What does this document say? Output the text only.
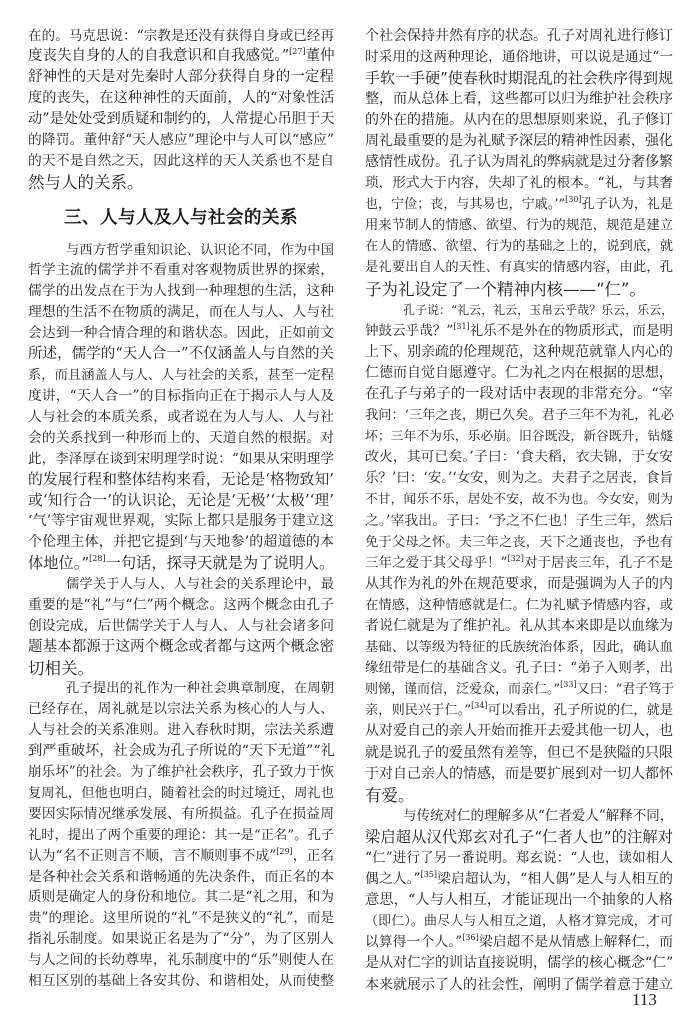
在的。马克思说：“宗教是还没有获得自身或已经再
度丧失自身的人的自我意识和自我感觉。”[27]董仲
舒神性的天是对先秦时人部分获得自身的一定程
度的丧失，在这种神性的天面前，人的“对象性活
动”是处处受到质疑和制约的，人常提心吊胆于天
的降罚。董仲舒“天人感应”理论中与人可以“感应”
的天不是自然之天，因此这样的天人关系也不是自
然与人的关系。
三、人与人及人与社会的关系
与西方哲学重知识论、认识论不同，作为中国
哲学主流的儒学并不看重对客观物质世界的探索，
儒学的出发点在于为人找到一种理想的生活，这种
理想的生活不在物质的满足，而在人与人、人与社
会达到一种合情合理的和谐状态。因此，正如前文
所述，儒学的“天人合一”不仅涵盖人与自然的关
系，而且涵盖人与人、人与社会的关系，甚至一定程
度讲，“天人合一”的目标指向正在于揭示人与人及
人与社会的本质关系，或者说在为人与人、人与社
会的关系找到一种形而上的、天道自然的根据。对
此，李泽厚在谈到宋明理学时说：“如果从宋明理学
的发展行程和整体结构来看，无论是‘格物致知’
或‘知行合一’的认识论，无论是‘无极’‘太极’‘理’
‘气’等宇宙观世界观，实际上都只是服务于建立这
个伦理主体，并把它提到‘与天地参’的超道德的本
体地位。”[28]一句话，探寻天就是为了说明人。
儒学关于人与人、人与社会的关系理论中，最
重要的是“礼”与“仁”两个概念。这两个概念由孔子
创设完成，后世儒学关于人与人、人与社会诸多问
题基本都源于这两个概念或者都与这两个概念密
切相关。
孔子提出的礼作为一种社会典章制度，在周朝
已经存在，周礼就是以宗法关系为核心的人与人、
人与社会的关系准则。进入春秋时期，宗法关系遭
到严重破坏，社会成为孔子所说的“天下无道”“礼
崩乐坏”的社会。为了维护社会秩序，孔子致力于恢
复周礼，但他也明白，随着社会的时过境迁，周礼也
要因实际情况继承发展、有所损益。孔子在损益周
礼时，提出了两个重要的理论：其一是“正名”。孔子
认为“名不正则言不顺，言不顺则事不成”[29]，正名
是各种社会关系和谐畅通的先决条件，而正名的本
质则是确定人的身份和地位。其二是“礼之用，和为
贵”的理论。这里所说的“礼”不是狭义的“礼”，而是
指礼乐制度。如果说正名是为了“分”，为了区别人
与人之间的长幼尊卑，礼乐制度中的“乐”则使人在
相互区别的基础上各安其份、和谐相处，从而使整
个社会保持井然有序的状态。孔子对周礼进行修订
时采用的这两种理论，通俗地讲，可以说是通过“一
手软一手硬”使春秋时期混乱的社会秩序得到规
整，而从总体上看，这些都可以归为维护社会秩序
的外在的措施。从内在的思想原则来说，孔子修订
周礼最重要的是为礼赋予深层的精神性因素，强化
感情性成份。孔子认为周礼的弊病就是过分奢侈繁
琐，形式大于内容，失却了礼的根本。“礼，与其奢
也，宁俭；丧，与其易也，宁戚。’”[30]孔子认为，礼是
用来节制人的情感、欲望、行为的规范，规范是建立
在人的情感、欲望、行为的基础之上的，说到底，就
是礼要出自人的天性、有真实的情感内容，由此，孔
子为礼设定了一个精神内核——“仁”。
孔子说：“礼云，礼云，玉帛云乎哉？乐云，乐云，
钟鼓云乎哉？”[31]礼乐不是外在的物质形式，而是明
上下、别亲疏的伦理规范，这种规范就靠人内心的
仁德而自觉自愿遵守。仁为礼之内在根据的思想，
在孔子与弟子的一段对话中表现的非常充分。“宰
我问：‘三年之丧，期已久矣。君子三年不为礼，礼必
坏；三年不为乐，乐必崩。旧谷既没，新谷既升，钻燧
改火，其可已矣。’子曰：‘食夫稻，衣夫锦，于女安
乐？’曰：‘安。’‘女安，则为之。夫君子之居丧，食旨
不甘，闻乐不乐，居处不安，故不为也。今女安，则为
之。’宰我出。子曰：‘予之不仁也！子生三年，然后
免于父母之怀。夫三年之丧，天下之通丧也，予也有
三年之爱于其父母乎！”[32]对于居丧三年，孔子不是
从其作为礼的外在规范要求，而是强调为人子的内
在情感，这种情感就是仁。仁为礼赋予情感内容，或
者说仁就是为了维护礼。礼从其本来即是以血缘为
基础、以等级为特征的氏族统治体系，因此，确认血
缘纽带是仁的基础含义。孔子曰：“弟子入则孝，出
则悌，谨而信，泛爱众，而亲仁。”[33]又曰：“君子笃于
亲，则民兴于仁。”[34]可以看出，孔子所说的仁，就是
从对爱自己的亲人开始而推开去爱其他一切人，也
就是说孔子的爱虽然有差等，但已不是狭隘的只限
于对自己亲人的情感，而是要扩展到对一切人都怀
有爱。
与传统对仁的理解多从“仁者爱人”解释不同，
梁启超从汉代郑玄对孔子“仁者人也”的注解对
“仁”进行了另一番说明。郑玄说：“人也，读如相人
偶之人。”[35]梁启超认为，“相人偶”是人与人相互的
意思，“人与人相互，才能证现出一个抽象的人格
（即仁）。曲尽人与人相互之道，人格才算完成，才可
以算得一个人。”[36]梁启超不是从情感上解释仁，而
是从对仁字的训诂直接说明，儒学的核心概念“仁”
本来就展示了人的社会性，阐明了儒学着意于建立
113
